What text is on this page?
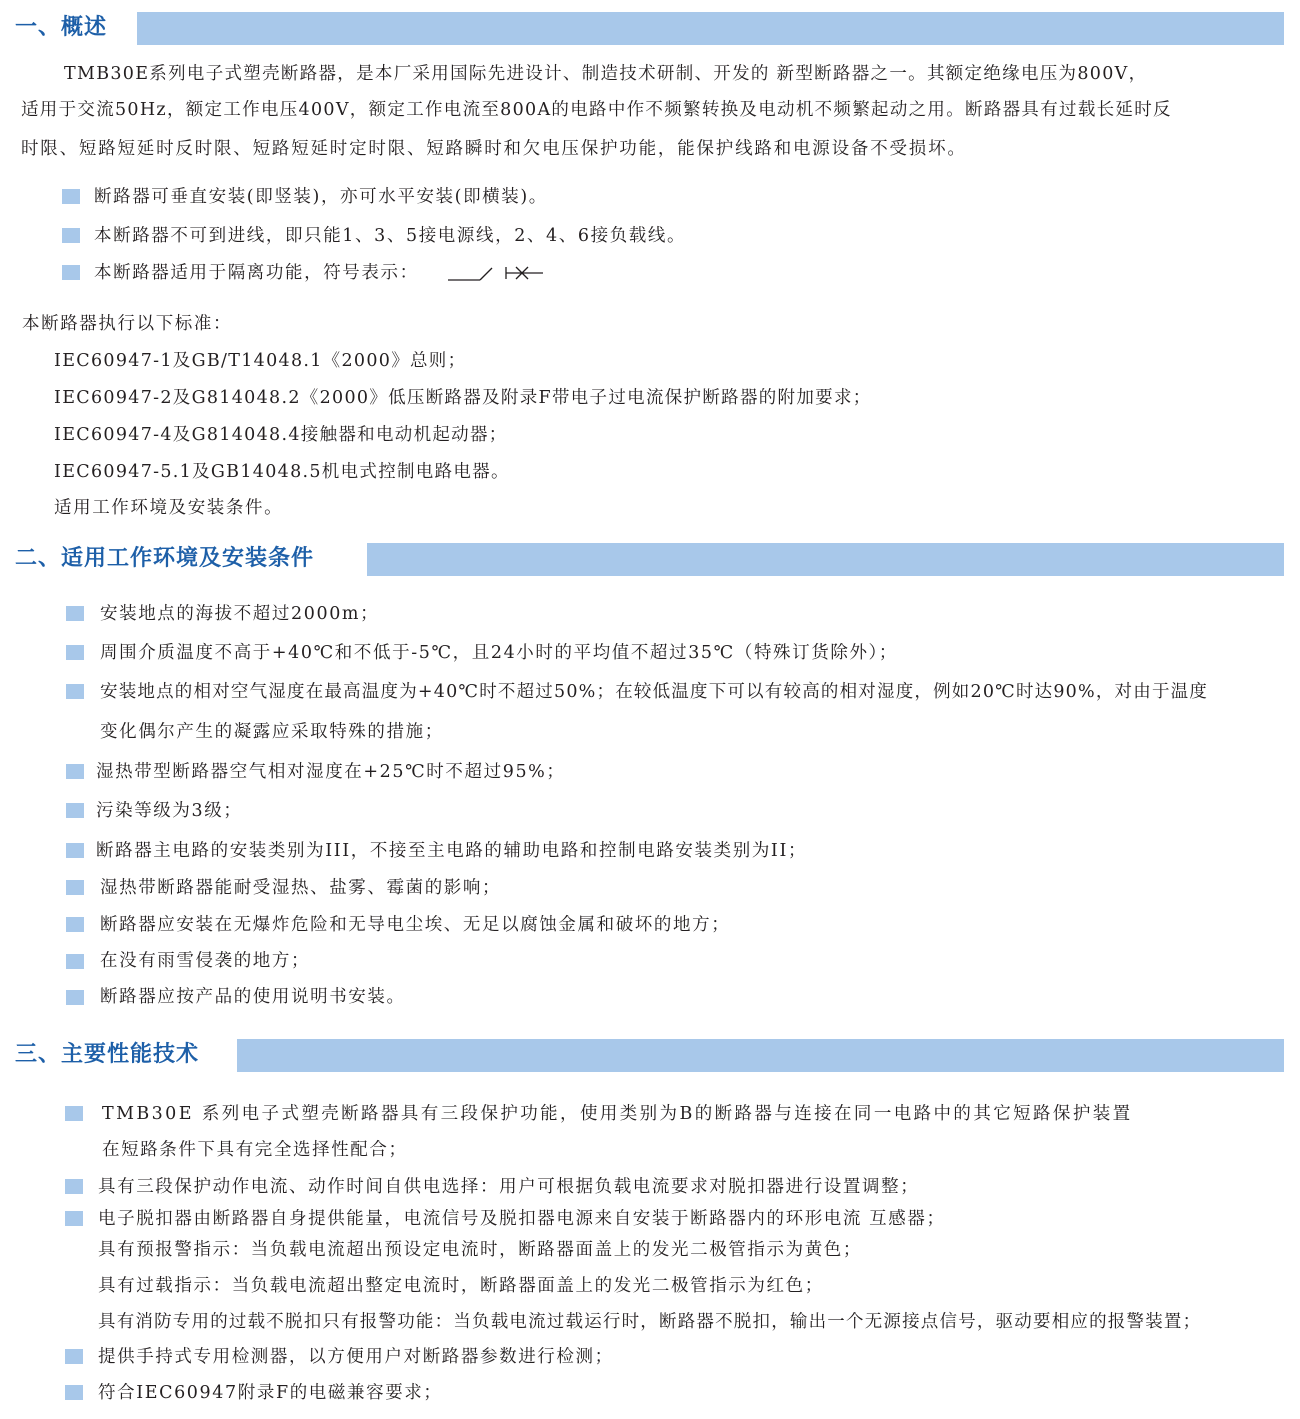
一、概述
TMB30E系列电子式塑壳断路器，是本厂采用国际先进设计、制造技术研制、开发的 新型断路器之一。其额定绝缘电压为800V，
适用于交流50Hz，额定工作电压400V，额定工作电流至800A的电路中作不频繁转换及电动机不频繁起动之用。断路器具有过载长延时反
时限、短路短延时反时限、短路短延时定时限、短路瞬时和欠电压保护功能，能保护线路和电源设备不受损坏。
断路器可垂直安装(即竖装)，亦可水平安装(即横装)。
本断路器不可到进线，即只能1、3、5接电源线，2、4、6接负载线。
本断路器适用于隔离功能，符号表示：
本断路器执行以下标准：
IEC60947-1及GB/T14048.1《2000》总则；
IEC60947-2及G814048.2《2000》低压断路器及附录F带电子过电流保护断路器的附加要求；
IEC60947-4及G814048.4接触器和电动机起动器；
IEC60947-5.1及GB14048.5机电式控制电路电器。
适用工作环境及安装条件。
二、适用工作环境及安装条件
安装地点的海拔不超过2000m；
周围介质温度不高于+40℃和不低于-5℃，且24小时的平均值不超过35℃（特殊订货除外）；
安装地点的相对空气湿度在最高温度为+40℃时不超过50%；在较低温度下可以有较高的相对湿度，例如20℃时达90%，对由于温度
变化偶尔产生的凝露应采取特殊的措施；
湿热带型断路器空气相对湿度在+25℃时不超过95%；
污染等级为3级；
断路器主电路的安装类别为III，不接至主电路的辅助电路和控制电路安装类别为II；
湿热带断路器能耐受湿热、盐雾、霉菌的影响；
断路器应安装在无爆炸危险和无导电尘埃、无足以腐蚀金属和破坏的地方；
在没有雨雪侵袭的地方；
断路器应按产品的使用说明书安装。
三、主要性能技术
TMB30E 系列电子式塑壳断路器具有三段保护功能，使用类别为B的断路器与连接在同一电路中的其它短路保护装置
在短路条件下具有完全选择性配合；
具有三段保护动作电流、动作时间自供电选择：用户可根据负载电流要求对脱扣器进行设置调整；
电子脱扣器由断路器自身提供能量，电流信号及脱扣器电源来自安装于断路器内的环形电流 互感器；
具有预报警指示：当负载电流超出预设定电流时，断路器面盖上的发光二极管指示为黄色；
具有过载指示：当负载电流超出整定电流时，断路器面盖上的发光二极管指示为红色；
具有消防专用的过载不脱扣只有报警功能：当负载电流过载运行时，断路器不脱扣，输出一个无源接点信号，驱动要相应的报警装置；
提供手持式专用检测器，以方便用户对断路器参数进行检测；
符合IEC60947附录F的电磁兼容要求；
